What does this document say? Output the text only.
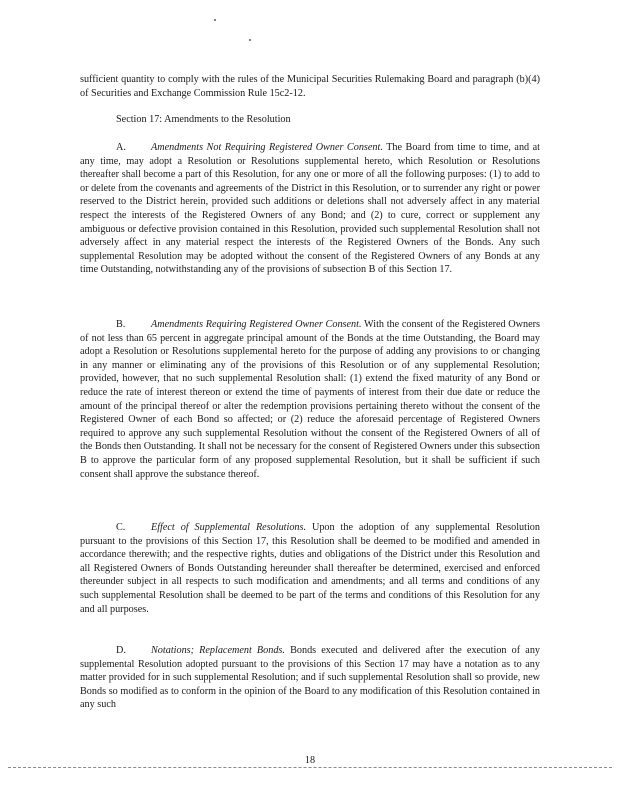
sufficient quantity to comply with the rules of the Municipal Securities Rulemaking Board and paragraph (b)(4) of Securities and Exchange Commission Rule 15c2-12.
Section 17: Amendments to the Resolution
A. Amendments Not Requiring Registered Owner Consent. The Board from time to time, and at any time, may adopt a Resolution or Resolutions supplemental hereto, which Resolution or Resolutions thereafter shall become a part of this Resolution, for any one or more of all the following purposes: (1) to add to or delete from the covenants and agreements of the District in this Resolution, or to surrender any right or power reserved to the District herein, provided such additions or deletions shall not adversely affect in any material respect the interests of the Registered Owners of any Bond; and (2) to cure, correct or supplement any ambiguous or defective provision contained in this Resolution, provided such supplemental Resolution shall not adversely affect in any material respect the interests of the Registered Owners of the Bonds. Any such supplemental Resolution may be adopted without the consent of the Registered Owners of any Bonds at any time Outstanding, notwithstanding any of the provisions of subsection B of this Section 17.
B.	Amendments Requiring Registered Owner Consent. With the consent of the Registered Owners of not less than 65 percent in aggregate principal amount of the Bonds at the time Outstanding, the Board may adopt a Resolution or Resolutions supplemental hereto for the purpose of adding any provisions to or changing in any manner or eliminating any of the provisions of this Resolution or of any supplemental Resolution; provided, however, that no such supplemental Resolution shall: (1) extend the fixed maturity of any Bond or reduce the rate of interest thereon or extend the time of payments of interest from their due date or reduce the amount of the principal thereof or alter the redemption provisions pertaining thereto without the consent of the Registered Owner of each Bond so affected; or (2) reduce the aforesaid percentage of Registered Owners required to approve any such supplemental Resolution without the consent of the Registered Owners of all of the Bonds then Outstanding. It shall not be necessary for the consent of Registered Owners under this subsection B to approve the particular form of any proposed supplemental Resolution, but it shall be sufficient if such consent shall approve the substance thereof.
C.	Effect of Supplemental Resolutions. Upon the adoption of any supplemental Resolution pursuant to the provisions of this Section 17, this Resolution shall be deemed to be modified and amended in accordance therewith; and the respective rights, duties and obligations of the District under this Resolution and all Registered Owners of Bonds Outstanding hereunder shall thereafter be determined, exercised and enforced thereunder subject in all respects to such modification and amendments; and all terms and conditions of any such supplemental Resolution shall be deemed to be part of the terms and conditions of this Resolution for any and all purposes.
D. Notations; Replacement Bonds. Bonds executed and delivered after the execution of any supplemental Resolution adopted pursuant to the provisions of this Section 17 may have a notation as to any matter provided for in such supplemental Resolution; and if such supplemental Resolution shall so provide, new Bonds so modified as to conform in the opinion of the Board to any modification of this Resolution contained in any such
18
